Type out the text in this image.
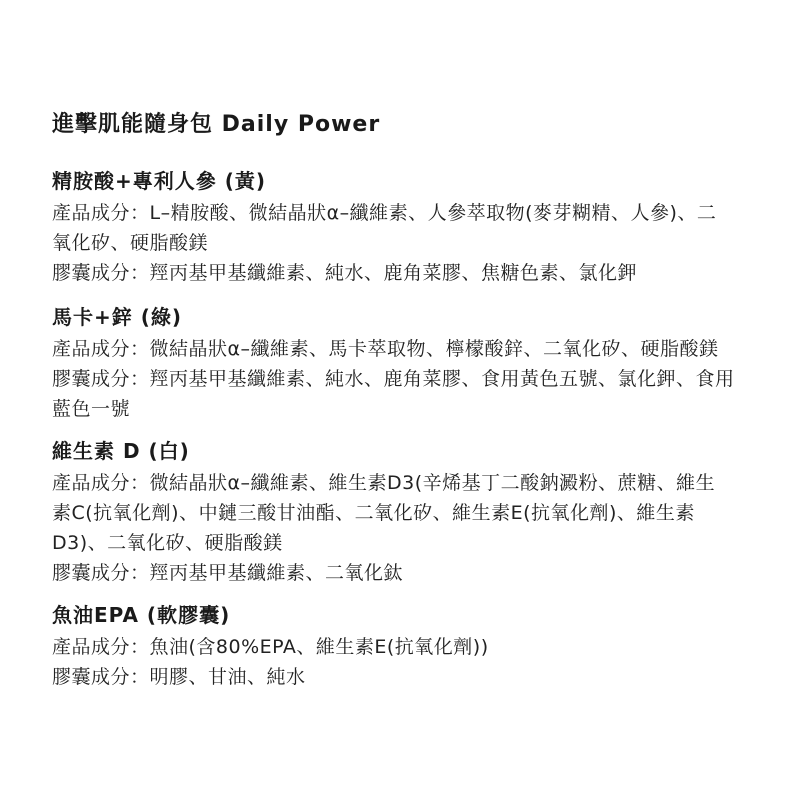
進擊肌能隨身包 Daily Power
精胺酸+專利人參 (黃)

產品成分：L–精胺酸、微結晶狀α–纖維素、人參萃取物(麥芽糊精、人參)、二

氧化矽、硬脂酸鎂

膠囊成分：羥丙基甲基纖維素、純水、鹿角菜膠、焦糖色素、氯化鉀

馬卡+鋅 (綠)

產品成分：微結晶狀α–纖維素、馬卡萃取物、檸檬酸鋅、二氧化矽、硬脂酸鎂

膠囊成分：羥丙基甲基纖維素、純水、鹿角菜膠、食用黃色五號、氯化鉀、食用

藍色一號

維生素 D (白)

產品成分：微結晶狀α–纖維素、維生素D3(辛烯基丁二酸鈉澱粉、蔗糖、維生

素C(抗氧化劑)、中鏈三酸甘油酯、二氧化矽、維生素E(抗氧化劑)、維生素

D3)、二氧化矽、硬脂酸鎂

膠囊成分：羥丙基甲基纖維素、二氧化鈦

魚油EPA (軟膠囊)

產品成分：魚油(含80%EPA、維生素E(抗氧化劑))

膠囊成分：明膠、甘油、純水
